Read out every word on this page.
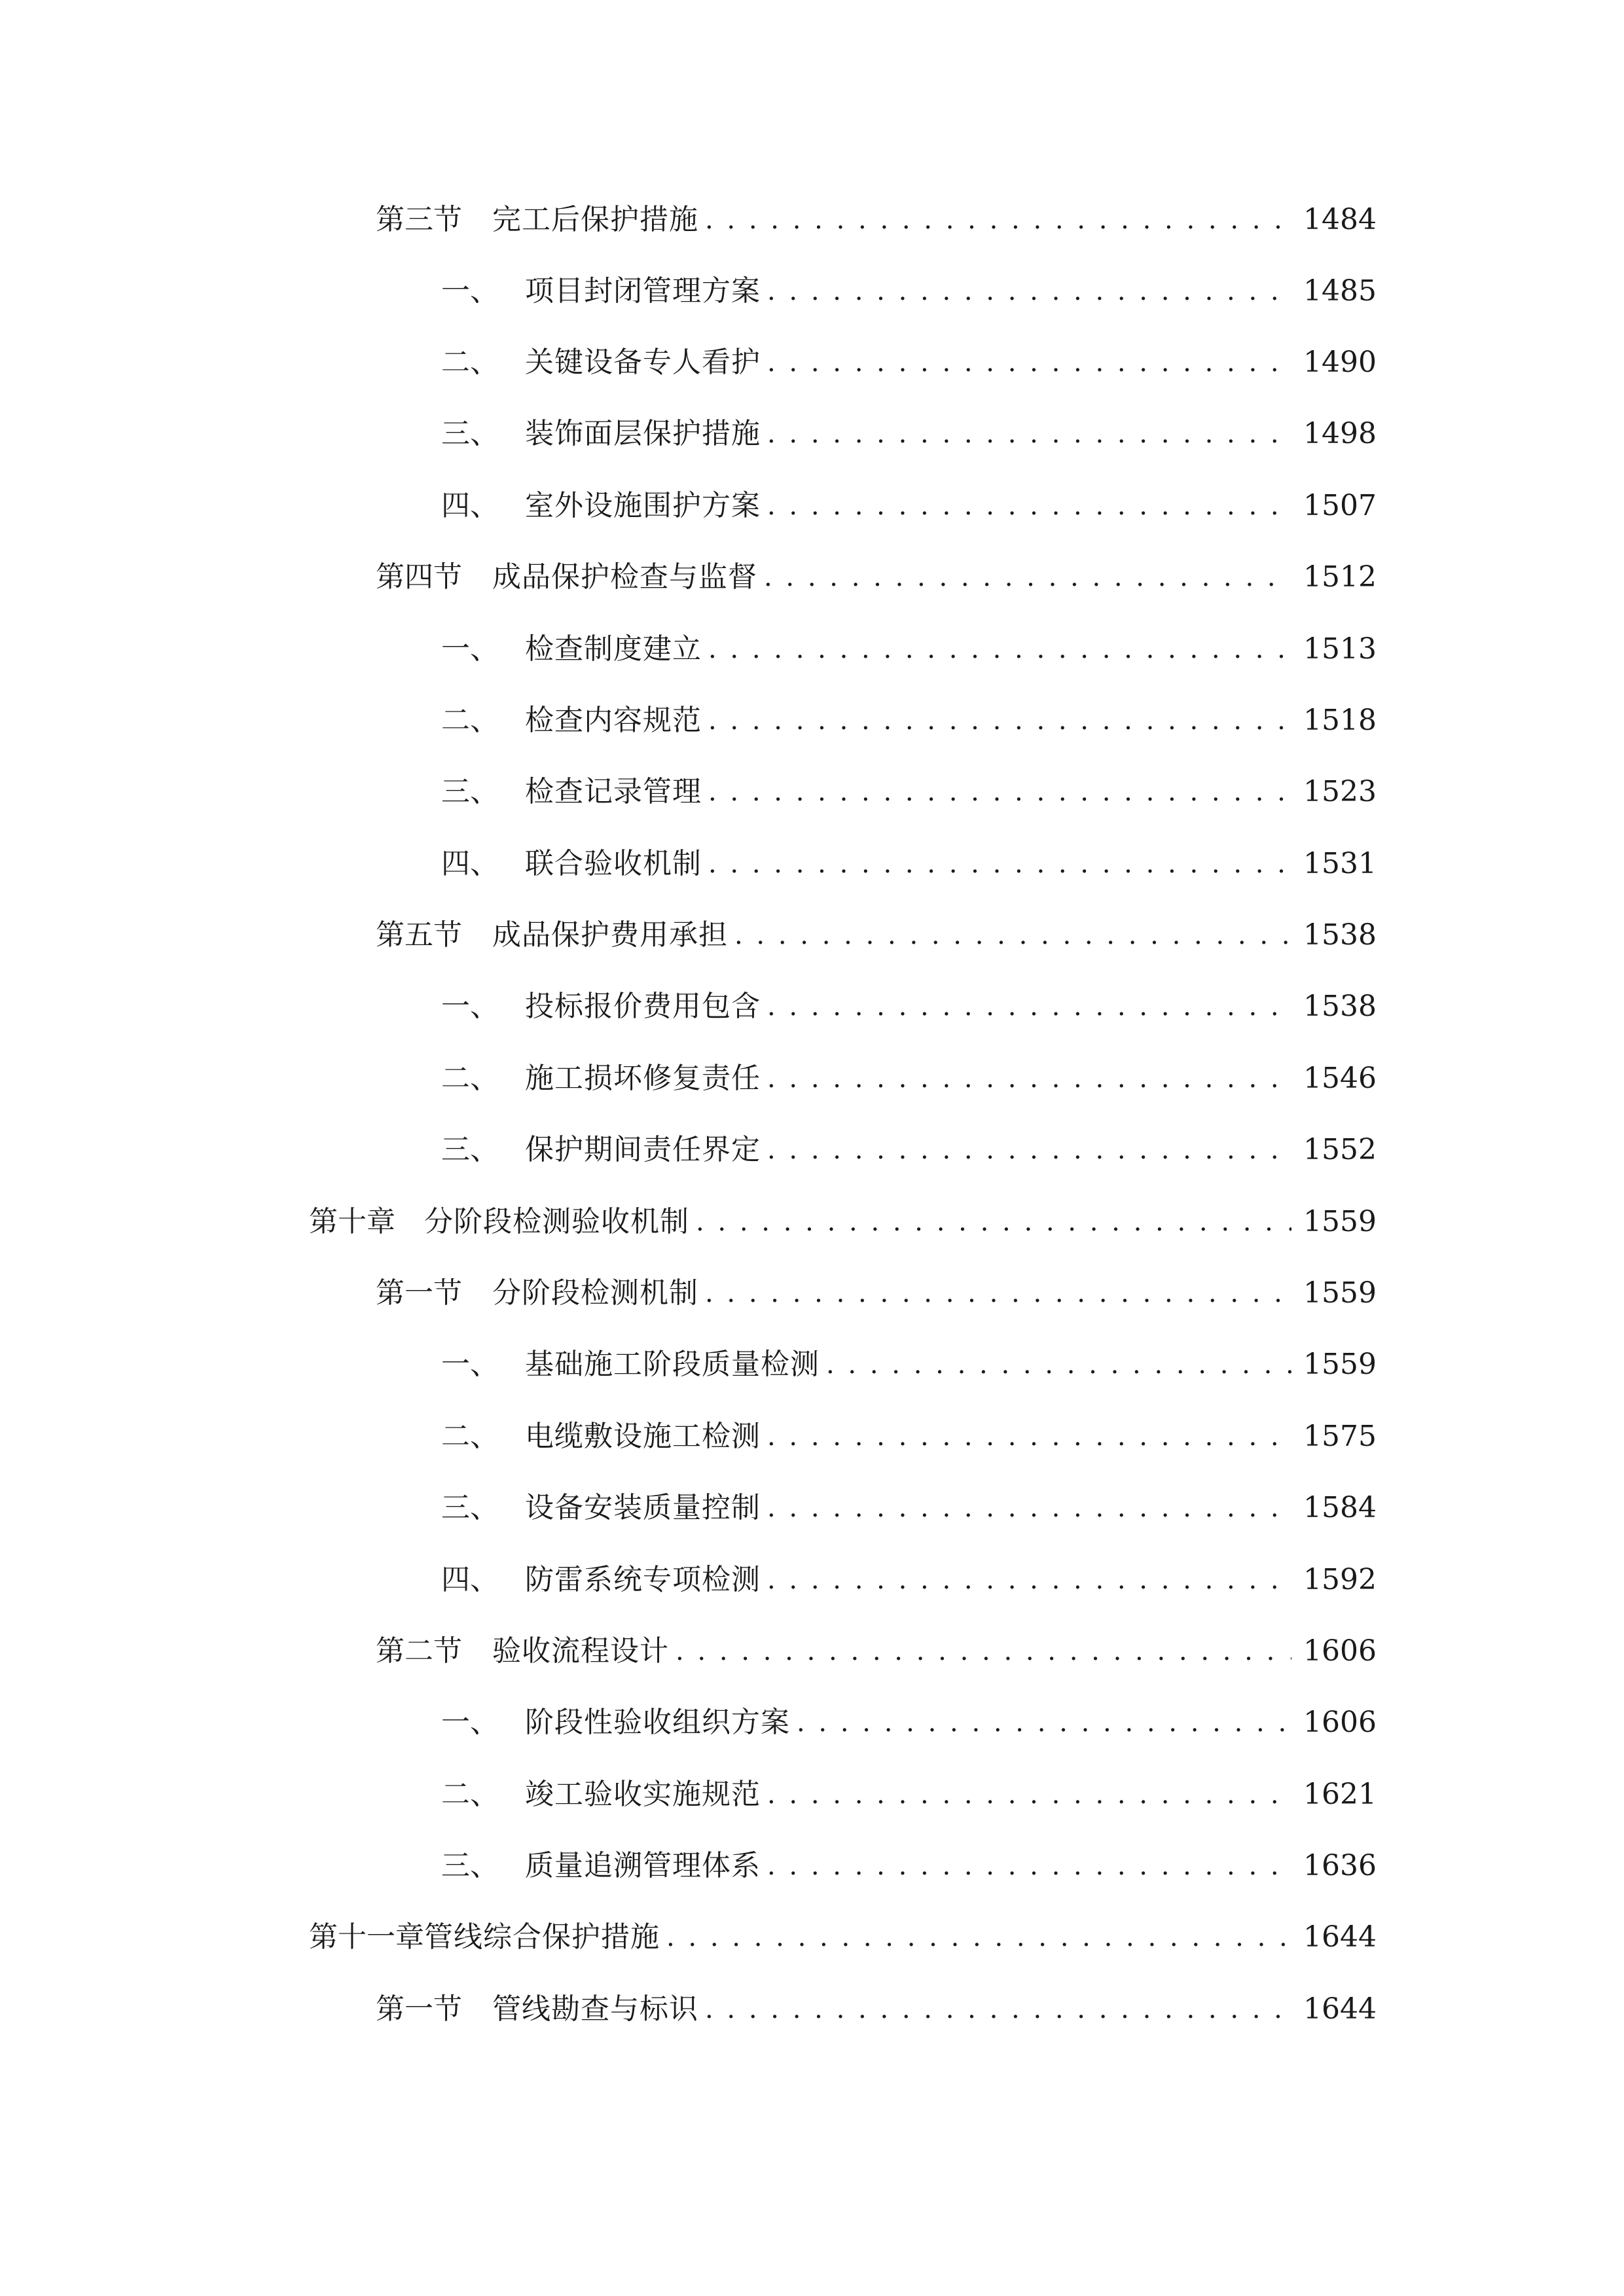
第三节	完工后保护措施 . . .	1484
一、 项目封闭管理方案 . . .	1485
二、 关键设备专人看护 . . .	1490
三、 装饰面层保护措施 . . .	1498
四、 室外设施围护方案 . . .	1507
第四节	成品保护检查与监督 . . .	1512
一、 检查制度建立 . . .	1513
二、 检查内容规范 . . .	1518
三、 检查记录管理 . . .	1523
四、 联合验收机制 . . .	1531
第五节	成品保护费用承担 . . .	1538
一、 投标报价费用包含 . . .	1538
二、 施工损坏修复责任 . . .	1546
三、 保护期间责任界定 . . .	1552
第十章	分阶段检测验收机制 . . .	1559
第一节	分阶段检测机制 . . .	1559
一、 基础施工阶段质量检测 . . .	1559
二、 电缆敷设施工检测 . . .	1575
三、 设备安装质量控制 . . .	1584
四、 防雷系统专项检测 . . .	1592
第二节	验收流程设计 . . .	1606
一、 阶段性验收组织方案 . . .	1606
二、 竣工验收实施规范 . . .	1621
三、 质量追溯管理体系 . . .	1636
第十一章 管线综合保护措施 . . .	1644
第一节	管线勘查与标识 . . .	1644
